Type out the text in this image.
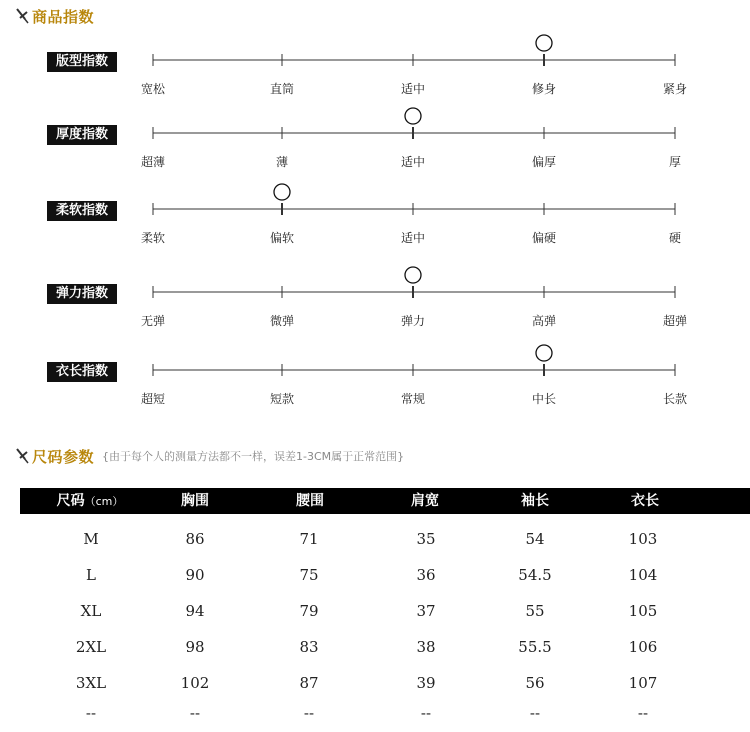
商品指数
版型指数
宽松	直筒	适中	修身	紧身
厚度指数
超薄	薄	适中	偏厚	厚
柔软指数
柔软	偏软	适中	偏硬	硬
弹力指数
无弹	微弹	弹力	高弹	超弹
衣长指数
超短	短款	常规	中长	长款
尺码参数 {由于每个人的测量方法都不一样，误差1-3CM属于正常范围}
尺码（cm）	胸围	腰围	肩宽	袖长	衣长
M	86	71	35	54	103
L	90	75	36	54.5	104
XL	94	79	37	55	105
2XL	98	83	38	55.5	106
3XL	102	87	39	56	107
--	--	--	--	--	--
